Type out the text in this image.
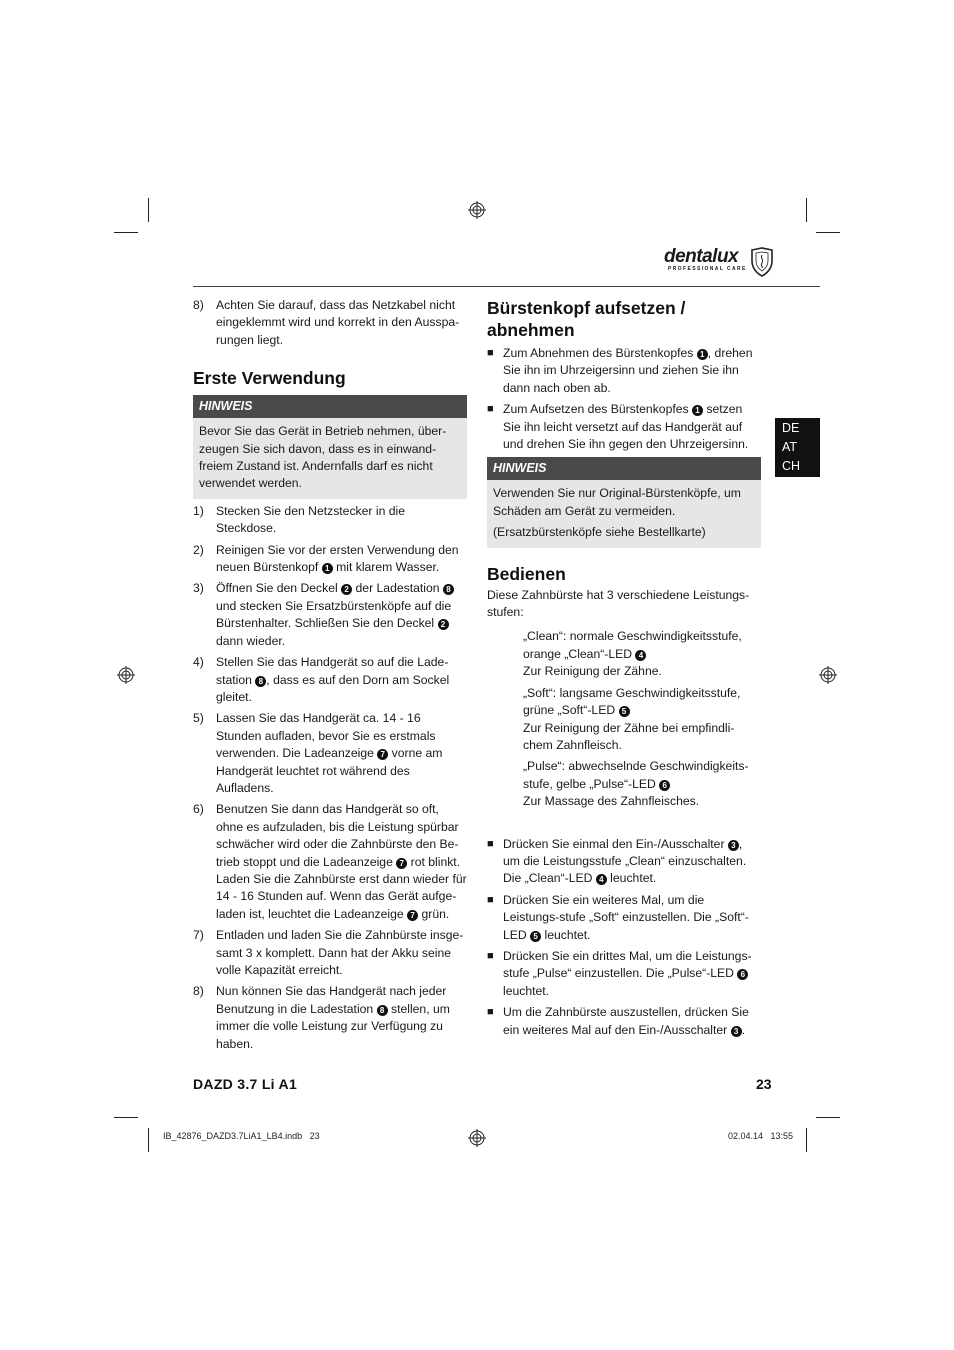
dentalux
PROFESSIONAL CARE
8) Achten Sie darauf, dass das Netzkabel nicht eingeklemmt wird und korrekt in den Ausspa-rungen liegt.
Erste Verwendung
HINWEIS
Bevor Sie das Gerät in Betrieb nehmen, über-zeugen Sie sich davon, dass es in einwand-freiem Zustand ist. Andernfalls darf es nicht verwendet werden.
1) Stecken Sie den Netzstecker in die Steckdose.
2) Reinigen Sie vor der ersten Verwendung den neuen Bürstenkopf 1 mit klarem Wasser.
3) Öffnen Sie den Deckel 2 der Ladestation 8 und stecken Sie Ersatzbürstenköpfe auf die Bürstenhalter. Schließen Sie den Deckel 2 dann wieder.
4) Stellen Sie das Handgerät so auf die Lade-station 8 , dass es auf den Dorn am Sockel gleitet.
5) Lassen Sie das Handgerät ca. 14 - 16 Stunden aufladen, bevor Sie es erstmals verwenden. Die Ladeanzeige 7 vorne am Handgerät leuchtet rot während des Aufladens.
6) Benutzen Sie dann das Handgerät so oft, ohne es aufzuladen, bis die Leistung spürbar schwächer wird oder die Zahnbürste den Be-trieb stoppt und die Ladeanzeige 7 rot blinkt. Laden Sie die Zahnbürste erst dann wieder für 14 - 16 Stunden auf. Wenn das Gerät aufge-laden ist, leuchtet die Ladeanzeige 7 grün.
7) Entladen und laden Sie die Zahnbürste insge-samt 3 x komplett. Dann hat der Akku seine volle Kapazität erreicht.
8) Nun können Sie das Handgerät nach jeder Benutzung in die Ladestation 8 stellen, um immer die volle Leistung zur Verfügung zu haben.
Bürstenkopf aufsetzen / abnehmen
■ Zum Abnehmen des Bürstenkopfes 1 , drehen Sie ihn im Uhrzeigersinn und ziehen Sie ihn dann nach oben ab.
■ Zum Aufsetzen des Bürstenkopfes 1 setzen Sie ihn leicht versetzt auf das Handgerät auf und drehen Sie ihn gegen den Uhrzeigersinn.
HINWEIS
Verwenden Sie nur Original-Bürstenköpfe, um Schäden am Gerät zu vermeiden.
(Ersatzbürstenköpfe siehe Bestellkarte)
Bedienen
Diese Zahnbürste hat 3 verschiedene Leistungs-stufen:
„Clean“: normale Geschwindigkeitsstufe, orange „Clean“-LED 4
Zur Reinigung der Zähne.
„Soft“: langsame Geschwindigkeitsstufe, grüne „Soft“-LED 5
Zur Reinigung der Zähne bei empfindli-chem Zahnfleisch.
„Pulse“: abwechselnde Geschwindigkeits-stufe, gelbe „Pulse“-LED 6
Zur Massage des Zahnfleisches.
■ Drücken Sie einmal den Ein-/Ausschalter 3 , um die Leistungsstufe „Clean“ einzuschalten. Die „Clean“-LED 4 leuchtet.
■ Drücken Sie ein weiteres Mal, um die Leistungs-stufe „Soft“ einzustellen. Die „Soft“-LED 5 leuchtet.
■ Drücken Sie ein drittes Mal, um die Leistungs-stufe „Pulse“ einzustellen. Die „Pulse“-LED 6 leuchtet.
■ Um die Zahnbürste auszustellen, drücken Sie ein weiteres Mal auf den Ein-/Ausschalter 3 .
DE
AT
CH
DAZD 3.7 Li A1	23
IB_42876_DAZD3.7LiA1_LB4.indb   23	02.04.14   13:55
